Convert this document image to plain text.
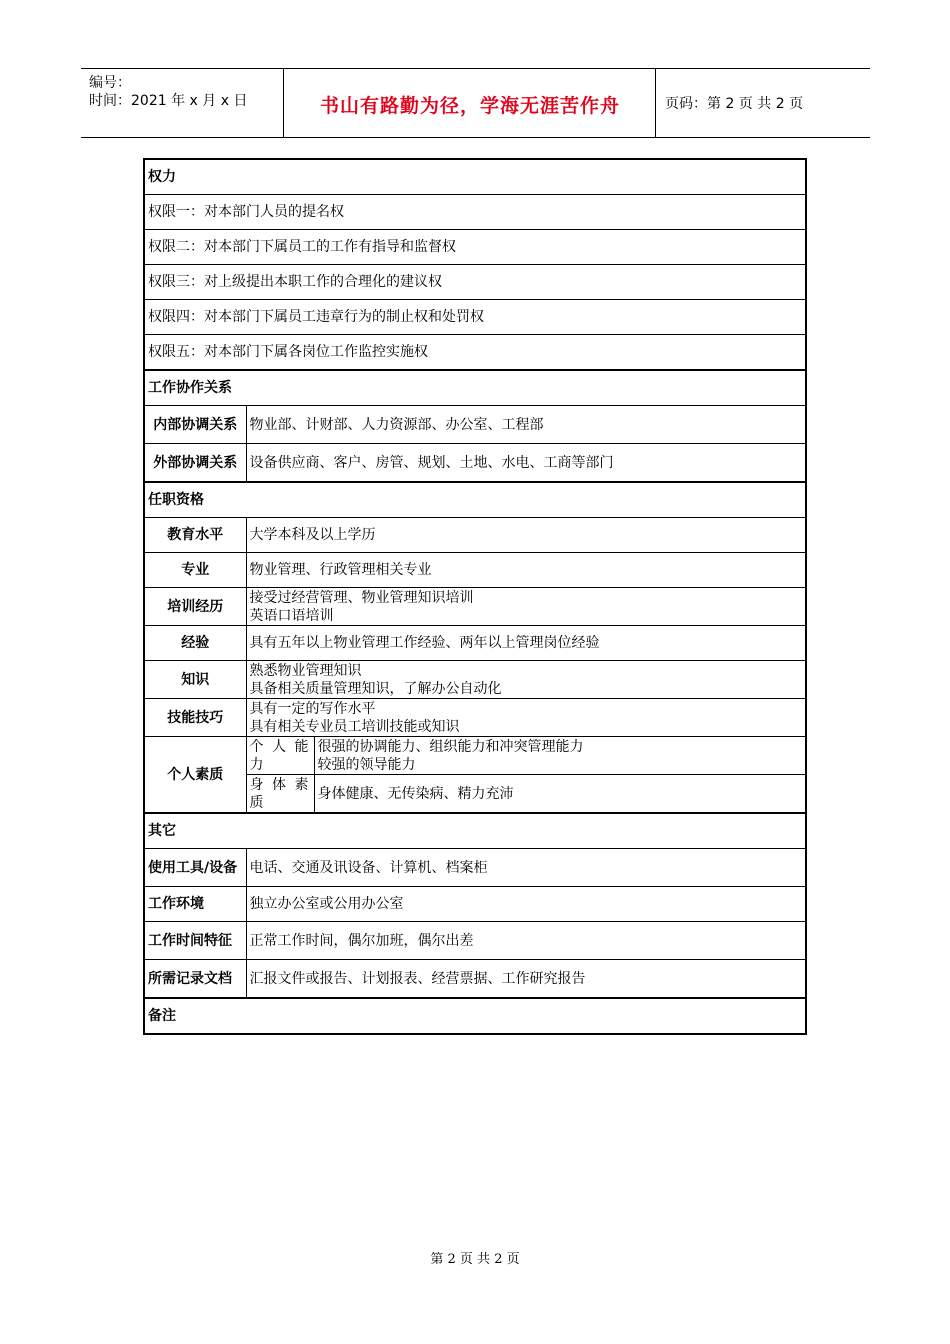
编号：
时间：2021 年 x 月 x 日	书山有路勤为径，学海无涯苦作舟	页码：第 2 页 共 2 页
权力		
权限一：对本部门人员的提名权		
权限二：对本部门下属员工的工作有指导和监督权		
权限三：对上级提出本职工作的合理化的建议权		
权限四：对本部门下属员工违章行为的制止权和处罚权		
权限五：对本部门下属各岗位工作监控实施权		
工作协作关系		
内部协调关系	物业部、计财部、人力资源部、办公室、工程部	
外部协调关系	设备供应商、客户、房管、规划、土地、水电、工商等部门	
任职资格		
教育水平	大学本科及以上学历	
专业	物业管理、行政管理相关专业	
培训经历	接受过经营管理、物业管理知识培训
英语口语培训	

经验	具有五年以上物业管理工作经验、两年以上管理岗位经验	
知识	熟悉物业管理知识
具备相关质量管理知识，了解办公自动化	

技能技巧	具有一定的写作水平
具有相关专业员工培训技能或知识	

个人素质	个人能力	很强的协调能力、组织能力和冲突管理能力
较强的领导能力

	身体素质	身体健康、无传染病、精力充沛
其它		
使用工具/设备	电话、交通及讯设备、计算机、档案柜	
工作环境	独立办公室或公用办公室	
工作时间特征	正常工作时间，偶尔加班，偶尔出差	
所需记录文档	汇报文件或报告、计划报表、经营票据、工作研究报告	
备注		
第 2 页 共 2 页
